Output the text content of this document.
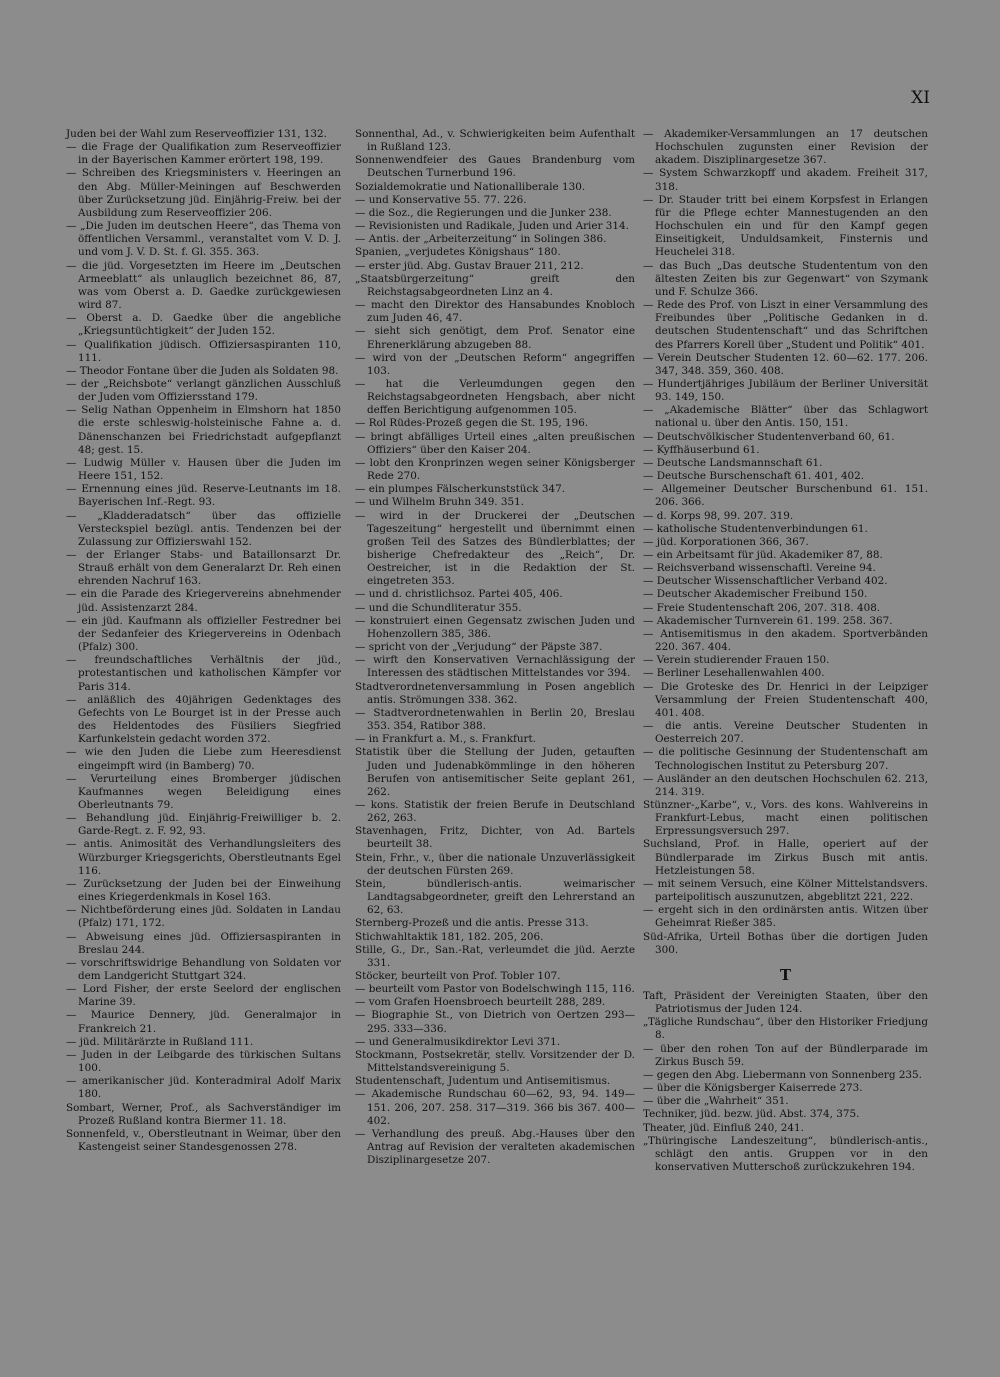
XI

Juden bei der Wahl zum Reserveoffizier 131, 132.

— die Frage der Qualifikation zum Reserveoffizier in der Bayerischen Kammer erörtert 198, 199.

— Schreiben des Kriegsministers v. Heeringen an den Abg. Müller-Meiningen auf Beschwerden über Zurücksetzung jüd. Einjährig-Freiw. bei der Ausbildung zum Reserveoffizier 206.

— „Die Juden im deutschen Heere“, das Thema von öffentlichen Versamml., veranstaltet vom V. D. J. und vom J. V. D. St. f. Gl. 355. 363.

— die jüd. Vorgesetzten im Heere im „Deutschen Armeeblatt“ als unlauglich bezeichnet 86, 87, was vom Oberst a. D. Gaedke zurückgewiesen wird 87.

— Oberst a. D. Gaedke über die angebliche „Kriegsuntüchtigkeit“ der Juden 152.

— Qualifikation jüdisch. Offiziersaspiranten 110, 111.

— Theodor Fontane über die Juden als Soldaten 98.

— der „Reichsbote“ verlangt gänzlichen Ausschluß der Juden vom Offiziersstand 179.

— Selig Nathan Oppenheim in Elmshorn hat 1850 die erste schleswig-holsteinische Fahne a. d. Dänenschanzen bei Friedrichstadt aufgepflanzt 48; gest. 15.

— Ludwig Müller v. Hausen über die Juden im Heere 151, 152.

— Ernennung eines jüd. Reserve-Leutnants im 18. Bayerischen Inf.-Regt. 93.

— „Kladderadatsch“ über das offizielle Versteckspiel bezügl. antis. Tendenzen bei der Zulassung zur Offizierswahl 152.

— der Erlanger Stabs- und Bataillonsarzt Dr. Strauß erhält von dem Generalarzt Dr. Reh einen ehrenden Nachruf 163.

— ein die Parade des Kriegervereins abnehmender jüd. Assistenzarzt 284.

— ein jüd. Kaufmann als offizieller Festredner bei der Sedanfeier des Kriegervereins in Odenbach (Pfalz) 300.

— freundschaftliches Verhältnis der jüd., protestantischen und katholischen Kämpfer vor Paris 314.

— anläßlich des 40jährigen Gedenktages des Gefechts von Le Bourget ist in der Presse auch des Heldentodes des Füsiliers Siegfried Karfunkelstein gedacht worden 372.

— wie den Juden die Liebe zum Heeresdienst eingeimpft wird (in Bamberg) 70.

— Verurteilung eines Bromberger jüdischen Kaufmannes wegen Beleidigung eines Oberleutnants 79.

— Behandlung jüd. Einjährig-Freiwilliger b. 2. Garde-Regt. z. F. 92, 93.

— antis. Animosität des Verhandlungsleiters des Würzburger Kriegsgerichts, Oberstleutnants Egel 116.

— Zurücksetzung der Juden bei der Einweihung eines Kriegerdenkmals in Kosel 163.

— Nichtbeförderung eines jüd. Soldaten in Landau (Pfalz) 171, 172.

— Abweisung eines jüd. Offiziersaspiranten in Breslau 244.

— vorschriftswidrige Behandlung von Soldaten vor dem Landgericht Stuttgart 324.

— Lord Fisher, der erste Seelord der englischen Marine 39.

— Maurice Dennery, jüd. Generalmajor in Frankreich 21.

— jüd. Militärärzte in Rußland 111.

— Juden in der Leibgarde des türkischen Sultans 100.

— amerikanischer jüd. Konteradmiral Adolf Marix 180.

Sombart, Werner, Prof., als Sachverständiger im Prozeß Rußland kontra Biermer 11. 18.

Sonnenfeld, v., Oberstleutnant in Weimar, über den Kastengeist seiner Standesgenossen 278.

Sonnenthal, Ad., v. Schwierigkeiten beim Aufenthalt in Rußland 123.

Sonnenwendfeier des Gaues Brandenburg vom Deutschen Turnerbund 196.

Sozialdemokratie und Nationalliberale 130.

— und Konservative 55. 77. 226.

— die Soz., die Regierungen und die Junker 238.

— Revisionisten und Radikale, Juden und Arier 314.

— Antis. der „Arbeiterzeitung“ in Solingen 386.

Spanien, „verjudetes Königshaus“ 180.

— erster jüd. Abg. Gustav Brauer 211, 212.

„Staatsbürgerzeitung“ greift den Reichstagsabgeordneten Linz an 4.

— macht den Direktor des Hansabundes Knobloch zum Juden 46, 47.

— sieht sich genötigt, dem Prof. Senator eine Ehrenerklärung abzugeben 88.

— wird von der „Deutschen Reform“ angegriffen 103.

— hat die Verleumdungen gegen den Reichstagsabgeordneten Hengsbach, aber nicht deffen Berichtigung aufgenommen 105.

— Rol Rüdes-Prozeß gegen die St. 195, 196.

— bringt abfälliges Urteil eines „alten preußischen Offiziers“ über den Kaiser 204.

— lobt den Kronprinzen wegen seiner Königsberger Rede 270.

— ein plumpes Fälscherkunststück 347.

— und Wilhelm Bruhn 349. 351.

— wird in der Druckerei der „Deutschen Tageszeitung“ hergestellt und übernimmt einen großen Teil des Satzes des Bündlerblattes; der bisherige Chefredakteur des „Reich“, Dr. Oestreicher, ist in die Redaktion der St. eingetreten 353.

— und d. christlichsoz. Partei 405, 406.

— und die Schundliteratur 355.

— konstruiert einen Gegensatz zwischen Juden und Hohenzollern 385, 386.

— spricht von der „Verjudung“ der Päpste 387.

— wirft den Konservativen Vernachlässigung der Interessen des städtischen Mittelstandes vor 394.

Stadtverordnetenversammlung in Posen angeblich antis. Strömungen 338. 362.

— Stadtverordnetenwahlen in Berlin 20, Breslau 353. 354, Ratibor 388.

— in Frankfurt a. M., s. Frankfurt.

Statistik über die Stellung der Juden, getauften Juden und Judenabkömmlinge in den höheren Berufen von antisemitischer Seite geplant 261, 262.

— kons. Statistik der freien Berufe in Deutschland 262, 263.

Stavenhagen, Fritz, Dichter, von Ad. Bartels beurteilt 38.

Stein, Frhr., v., über die nationale Unzuverlässigkeit der deutschen Fürsten 269.

Stein, bündlerisch-antis. weimarischer Landtagsabgeordneter, greift den Lehrerstand an 62, 63.

Sternberg-Prozeß und die antis. Presse 313.

Stichwahltaktik 181, 182. 205, 206.

Stille, G., Dr., San.-Rat, verleumdet die jüd. Aerzte 331.

Stöcker, beurteilt von Prof. Tobler 107.

— beurteilt vom Pastor von Bodelschwingh 115, 116.

— vom Grafen Hoensbroech beurteilt 288, 289.

— Biographie St., von Dietrich von Oertzen 293—295. 333—336.

— und Generalmusikdirektor Levi 371.

Stockmann, Postsekretär, stellv. Vorsitzender der D. Mittelstandsvereinigung 5.

Studentenschaft, Judentum und Antisemitismus.

— Akademische Rundschau 60—62, 93, 94. 149—151. 206, 207. 258. 317—319. 366 bis 367. 400—402.

— Verhandlung des preuß. Abg.-Hauses über den Antrag auf Revision der veralteten akademischen Disziplinargesetze 207.

— Akademiker-Versammlungen an 17 deutschen Hochschulen zugunsten einer Revision der akadem. Disziplinargesetze 367.

— System Schwarzkopff und akadem. Freiheit 317, 318.

— Dr. Stauder tritt bei einem Korpsfest in Erlangen für die Pflege echter Mannestugenden an den Hochschulen ein und für den Kampf gegen Einseitigkeit, Unduldsamkeit, Finsternis und Heuchelei 318.

— das Buch „Das deutsche Studententum von den ältesten Zeiten bis zur Gegenwart“ von Szymank und F. Schulze 366.

— Rede des Prof. von Liszt in einer Versammlung des Freibundes über „Politische Gedanken in d. deutschen Studentenschaft“ und das Schriftchen des Pfarrers Korell über „Student und Politik“ 401.

— Verein Deutscher Studenten 12. 60—62. 177. 206. 347, 348. 359, 360. 408.

— Hundertjähriges Jubiläum der Berliner Universität 93. 149, 150.

— „Akademische Blätter“ über das Schlagwort national u. über den Antis. 150, 151.

— Deutschvölkischer Studentenverband 60, 61.

— Kyffhäuserbund 61.

— Deutsche Landsmannschaft 61.

— Deutsche Burschenschaft 61. 401, 402.

— Allgemeiner Deutscher Burschenbund 61. 151. 206. 366.

— d. Korps 98, 99. 207. 319.

— katholische Studentenverbindungen 61.

— jüd. Korporationen 366, 367.

— ein Arbeitsamt für jüd. Akademiker 87, 88.

— Reichsverband wissenschaftl. Vereine 94.

— Deutscher Wissenschaftlicher Verband 402.

— Deutscher Akademischer Freibund 150.

— Freie Studentenschaft 206, 207. 318. 408.

— Akademischer Turnverein 61. 199. 258. 367.

— Antisemitismus in den akadem. Sportverbänden 220. 367. 404.

— Verein studierender Frauen 150.

— Berliner Lesehallenwahlen 400.

— Die Groteske des Dr. Henrici in der Leipziger Versammlung der Freien Studentenschaft 400, 401. 408.

— die antis. Vereine Deutscher Studenten in Oesterreich 207.

— die politische Gesinnung der Studentenschaft am Technologischen Institut zu Petersburg 207.

— Ausländer an den deutschen Hochschulen 62. 213, 214. 319.

Stünzner-„Karbe“, v., Vors. des kons. Wahlvereins in Frankfurt-Lebus, macht einen politischen Erpressungsversuch 297.

Suchsland, Prof. in Halle, operiert auf der Bündlerparade im Zirkus Busch mit antis. Hetzleistungen 58.

— mit seinem Versuch, eine Kölner Mittelstandsvers. parteipolitisch auszunutzen, abgeblitzt 221, 222.

— ergeht sich in den ordinärsten antis. Witzen über Geheimrat Rießer 385.

Süd-Afrika, Urteil Bothas über die dortigen Juden 300.

T

Taft, Präsident der Vereinigten Staaten, über den Patriotismus der Juden 124.

„Tägliche Rundschau“, über den Historiker Friedjung 8.

— über den rohen Ton auf der Bündlerparade im Zirkus Busch 59.

— gegen den Abg. Liebermann von Sonnenberg 235.

— über die Königsberger Kaiserrede 273.

— über die „Wahrheit“ 351.

Techniker, jüd. bezw. jüd. Abst. 374, 375.

Theater, jüd. Einfluß 240, 241.

„Thüringische Landeszeitung“, bündlerisch-antis., schlägt den antis. Gruppen vor in den konservativen Mutterschoß zurückzukehren 194.
